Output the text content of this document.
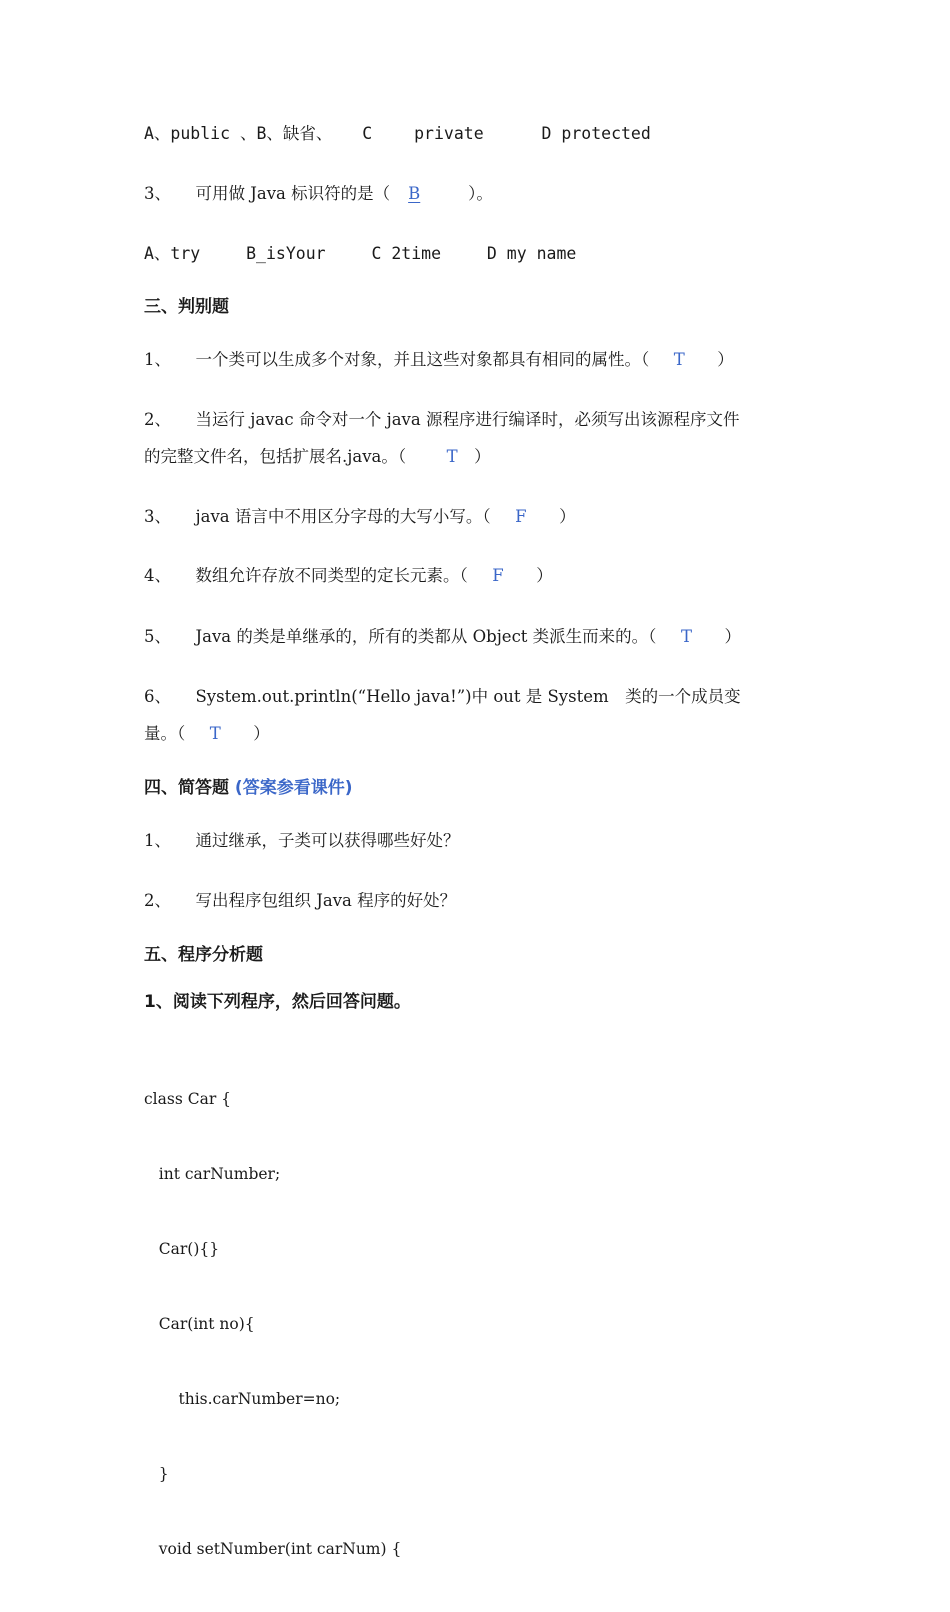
A、public 、B、缺省、 C	private	D protected
3、 可用做 Java 标识符的是（ B	）。
A、try	B_isYour	C 2time	D my name
三、判别题
1、 一个类可以生成多个对象，并且这些对象都具有相同的属性。（ T ）
2、 当运行 javac 命令对一个 java 源程序进行编译时，必须写出该源程序文件
的完整文件名，包括扩展名.java。（ T ）
3、 java 语言中不用区分字母的大写小写。（ F ）
4、 数组允许存放不同类型的定长元素。（ F ）
5、 Java 的类是单继承的，所有的类都从 Object 类派生而来的。（ T ）
6、 System.out.println(“Hello java!”)中 out 是 System　类的一个成员变
量。（ T ）
四、简答题 (答案参看课件)
1、 通过继承，子类可以获得哪些好处？
2、 写出程序包组织 Java 程序的好处？
五、程序分析题
1、阅读下列程序，然后回答问题。

class Car {

int carNumber;

Car(){}

Car(int no){

this.carNumber=no;

}

void setNumber(int carNum) {
